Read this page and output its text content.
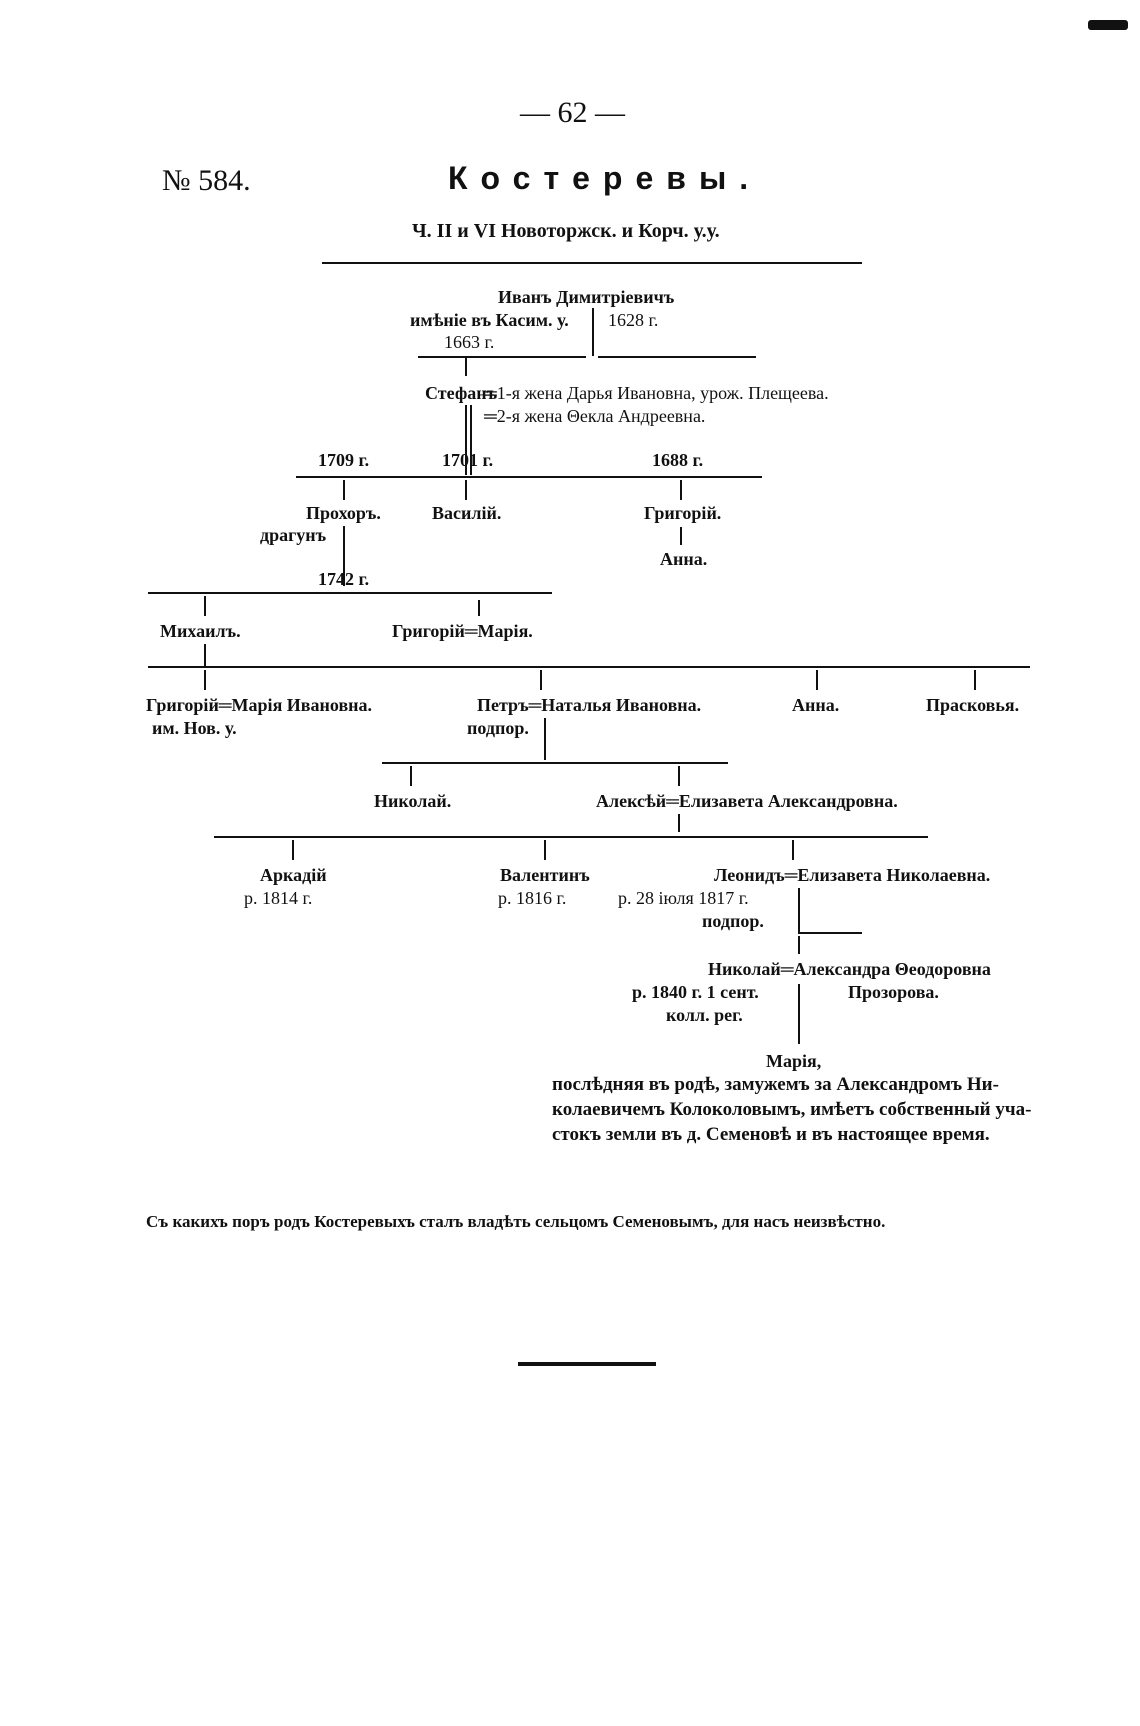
— 62 —
№ 584.	Костеревы.
Ч. II и VI Новоторжск. и Корч. у.у.
Иванъ Димитріевичъ
имѣніе въ Касим. у.
1663 г.
1628 г.
Стефанъ
═1-я жена Дарья Ивановна, урож. Плещеева.
═2-я жена Θекла Андреевна.
1709 г.	1701 г.	1688 г.
Прохоръ.
драгунъ
Василій.	Григорій.
Анна.
1742 г.
Михаилъ.	Григорій═Марія.
Григорій═Марія Ивановна.
им. Нов. у.
Петръ═Наталья Ивановна.
подпор.
Анна.	Прасковья.
Николай.	Алексѣй═Елизавета Александровна.
Аркадій
р. 1814 г.
Валентинъ
р. 1816 г.
Леонидъ═Елизавета Николаевна.
р. 28 іюля 1817 г.
подпор.
Николай═Александра Θеодоровна
Прозорова.
р. 1840 г. 1 сент.
колл. рег.
Марія,
послѣдняя въ родѣ, замужемъ за Александромъ Ни-
колаевичемъ Колоколовымъ, имѣетъ собственный уча-
стокъ земли въ д. Семеновѣ и въ настоящее время.
Съ какихъ поръ родъ Костеревыхъ сталъ владѣть сельцомъ Семеновымъ, для насъ неизвѣстно.
